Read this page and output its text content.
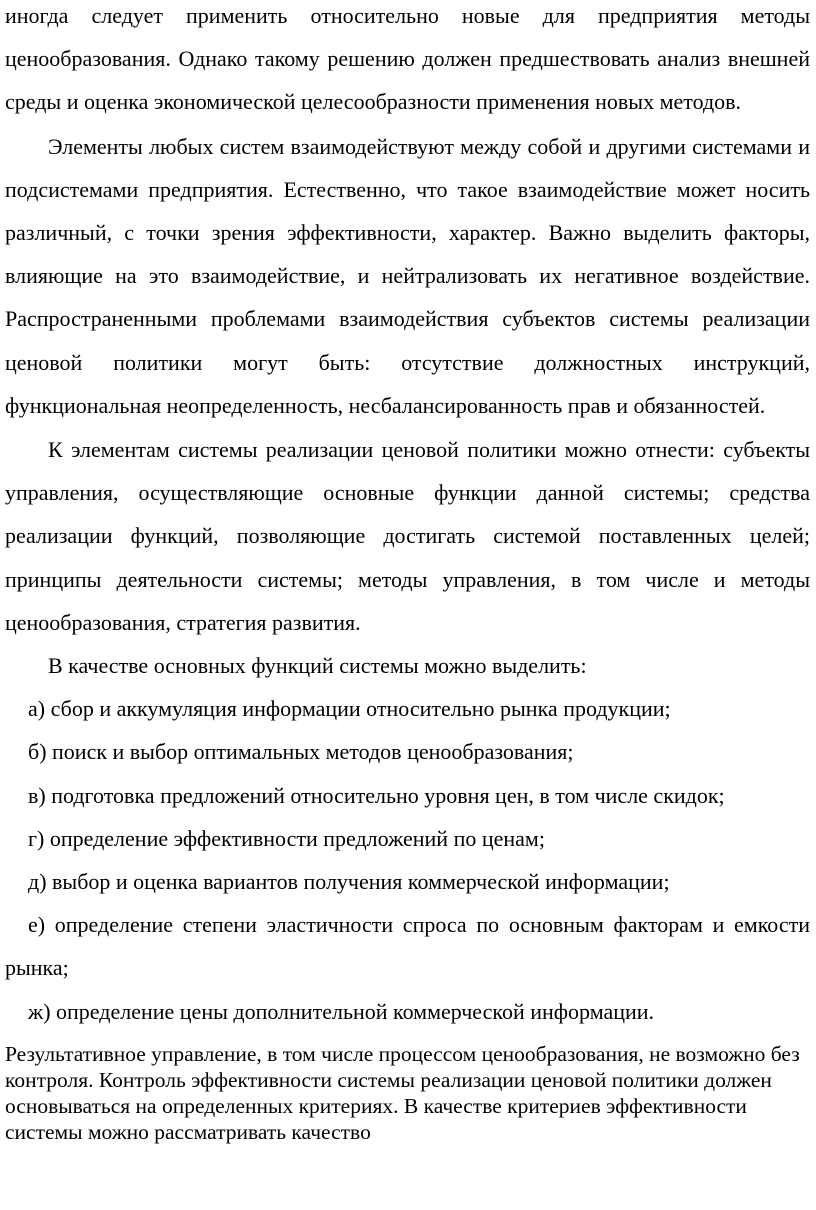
иногда следует применить относительно новые для предприятия методы ценообразования. Однако такому решению должен предшествовать анализ внешней среды и оценка экономической целесообразности применения новых методов.

Элементы любых систем взаимодействуют между собой и другими системами и подсистемами предприятия. Естественно, что такое взаимодействие может носить различный, с точки зрения эффективности, характер. Важно выделить факторы, влияющие на это взаимодействие, и нейтрализовать их негативное воздействие. Распространенными проблемами взаимодействия субъектов системы реализации ценовой политики могут быть: отсутствие должностных инструкций, функциональная неопределенность, несбалансированность прав и обязанностей.

К элементам системы реализации ценовой политики можно отнести: субъекты управления, осуществляющие основные функции данной системы; средства реализации функций, позволяющие достигать системой поставленных целей; принципы деятельности системы; методы управления, в том числе и методы ценообразования, стратегия развития.

В качестве основных функций системы можно выделить:

а) сбор и аккумуляция информации относительно рынка продукции;

б) поиск и выбор оптимальных методов ценообразования;

в) подготовка предложений относительно уровня цен, в том числе скидок;

г) определение эффективности предложений по ценам;

д) выбор и оценка вариантов получения коммерческой информации;

е) определение степени эластичности спроса по основным факторам и емкости рынка;

ж) определение цены дополнительной коммерческой информации.

Результативное управление, в том числе процессом ценообразования, не возможно без контроля. Контроль эффективности системы реализации ценовой политики должен основываться на определенных критериях. В качестве критериев эффективности системы можно рассматривать качество
